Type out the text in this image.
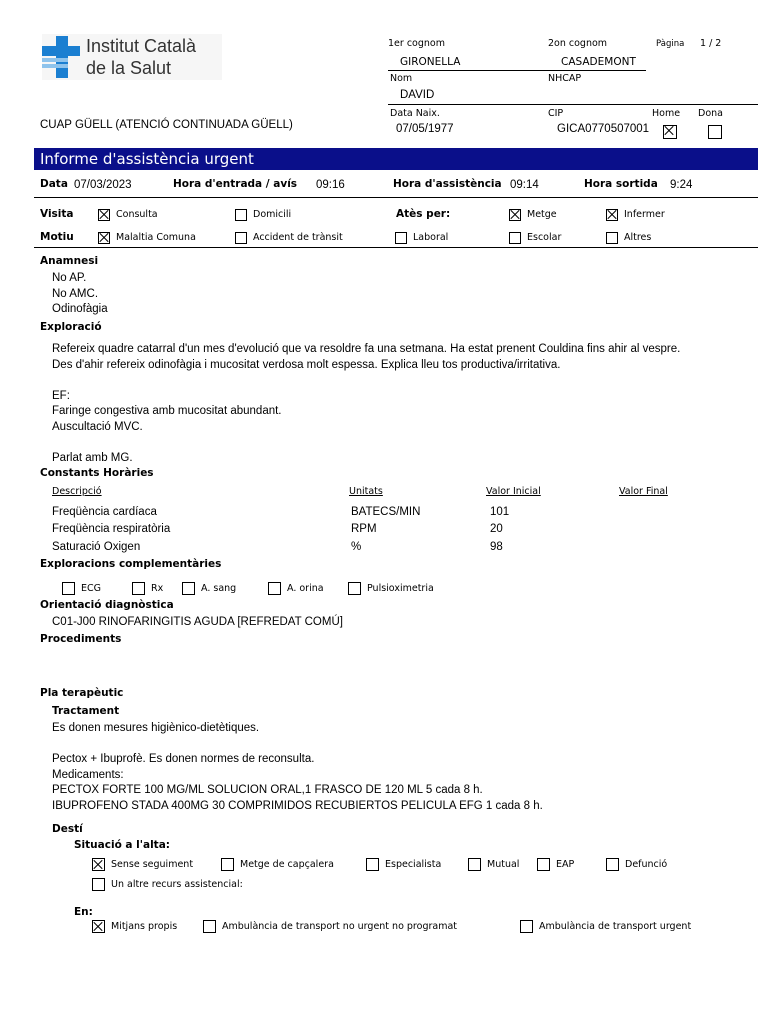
Institut Català
de la Salut
1er cognom	2on cognom	Pàgina 1 / 2
GIRONELLA	CASADEMONT
Nom	NHCAP
DAVID
Data Naix.	CIP	Home Dona
07/05/1977	GICA0770507001
CUAP GÜELL (ATENCIÓ CONTINUADA GÜELL)
Informe d'assistència urgent
Data 07/03/2023	Hora d'entrada / avís 09:16	Hora d'assistència 09:14	Hora sortida 9:24
Visita	Consulta	Domicili	Atès per:	Metge	Infermer
Motiu	Malaltia Comuna	Accident de trànsit	Laboral	Escolar	Altres
Anamnesi
No AP.
No AMC.
Odinofàgia
Exploració
Refereix quadre catarral d'un mes d'evolució que va resoldre fa una setmana. Ha estat prenent Couldina fins ahir al vespre.
Des d'ahir refereix odinofàgia i mucositat verdosa molt espessa. Explica lleu tos productiva/irritativa.
EF:
Faringe congestiva amb mucositat abundant.
Auscultació MVC.
Parlat amb MG.
Constants Horàries
Descripció	Unitats	Valor Inicial	Valor Final
Freqüència cardíaca	BATECS/MIN	101
Freqüència respiratòria	RPM	20
Saturació Oxigen	%	98
Exploracions complementàries
ECG	Rx	A. sang	A. orina	Pulsioximetria
Orientació diagnòstica
C01-J00 RINOFARINGITIS AGUDA [REFREDAT COMÚ]
Procediments
Pla terapèutic
Tractament
Es donen mesures higiènico-dietètiques.
Pectox + Ibuprofè. Es donen normes de reconsulta.
Medicaments:
PECTOX FORTE 100 MG/ML SOLUCION ORAL,1 FRASCO DE 120 ML 5 cada 8 h.
IBUPROFENO STADA 400MG 30 COMPRIMIDOS RECUBIERTOS PELICULA EFG 1 cada 8 h.
Destí
Situació a l'alta:
Sense seguiment	Metge de capçalera	Especialista	Mutual	EAP	Defunció
Un altre recurs assistencial:
En:
Mitjans propis	Ambulància de transport no urgent no programat	Ambulància de transport urgent
